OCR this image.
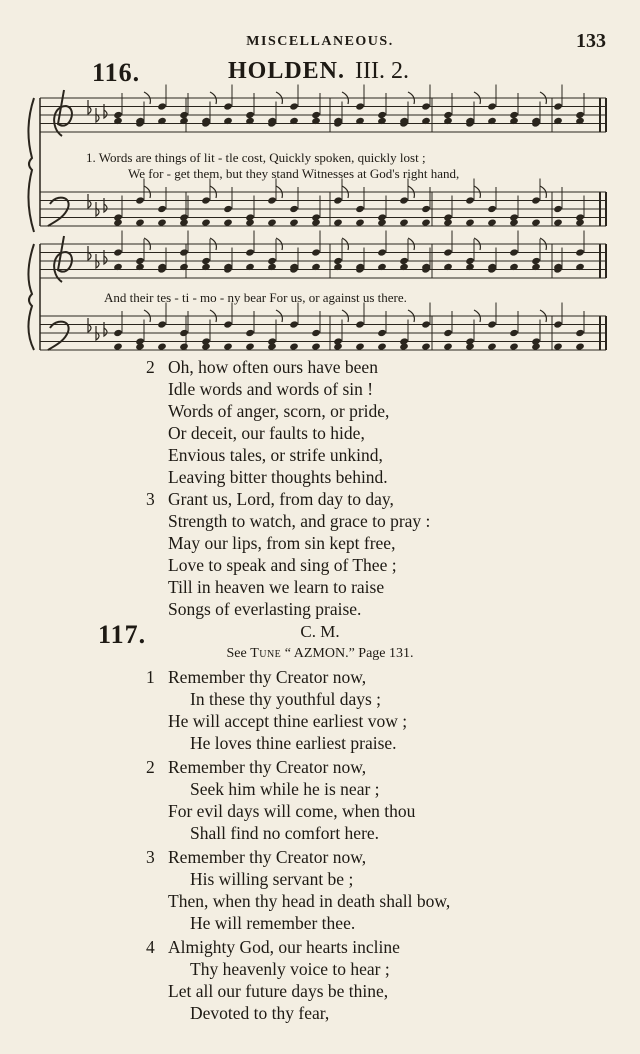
MISCELLANEOUS.	133
116.	HOLDEN. III. 2.
1. Words are things of lit - tle cost, Quickly spoken, quickly lost ;
We for - get them, but they stand Witnesses at God's right hand,
And their tes - ti - mo - ny bear For us, or against us there.
2 Oh, how often ours have been
Idle words and words of sin !
Words of anger, scorn, or pride,
Or deceit, our faults to hide,
Envious tales, or strife unkind,
Leaving bitter thoughts behind.
3 Grant us, Lord, from day to day,
Strength to watch, and grace to pray :
May our lips, from sin kept free,
Love to speak and sing of Thee ;
Till in heaven we learn to raise
Songs of everlasting praise.
117.	C. M.
See Tune “ AZMON.” Page 131.
1 Remember thy Creator now,
In these thy youthful days ;
He will accept thine earliest vow ;
He loves thine earliest praise.
2 Remember thy Creator now,
Seek him while he is near ;
For evil days will come, when thou
Shall find no comfort here.
3 Remember thy Creator now,
His willing servant be ;
Then, when thy head in death shall bow,
He will remember thee.
4 Almighty God, our hearts incline
Thy heavenly voice to hear ;
Let all our future days be thine,
Devoted to thy fear,
